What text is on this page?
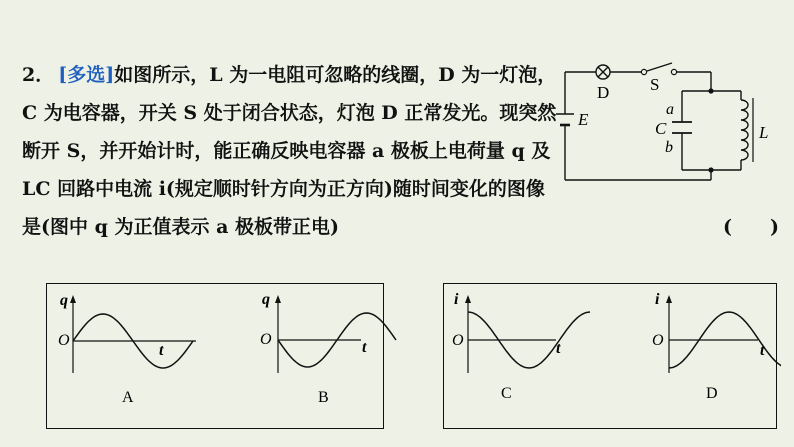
2． [多选]如图所示，L 为一电阻可忽略的线圈，D 为一灯泡，C 为电容器，开关 S 处于闭合状态，灯泡 D 正常发光。现突然断开 S，并开始计时，能正确反映电容器 a 极板上电荷量 q 及 LC 回路中电流 i(规定顺时针方向为正方向)随时间变化的图像是(图中 q 为正值表示 a 极板带正电)	(　　)
D S
E
a
C
b
L
q
O
t
A
q
O	t
B
i
O	t
C
i
O
t
D
